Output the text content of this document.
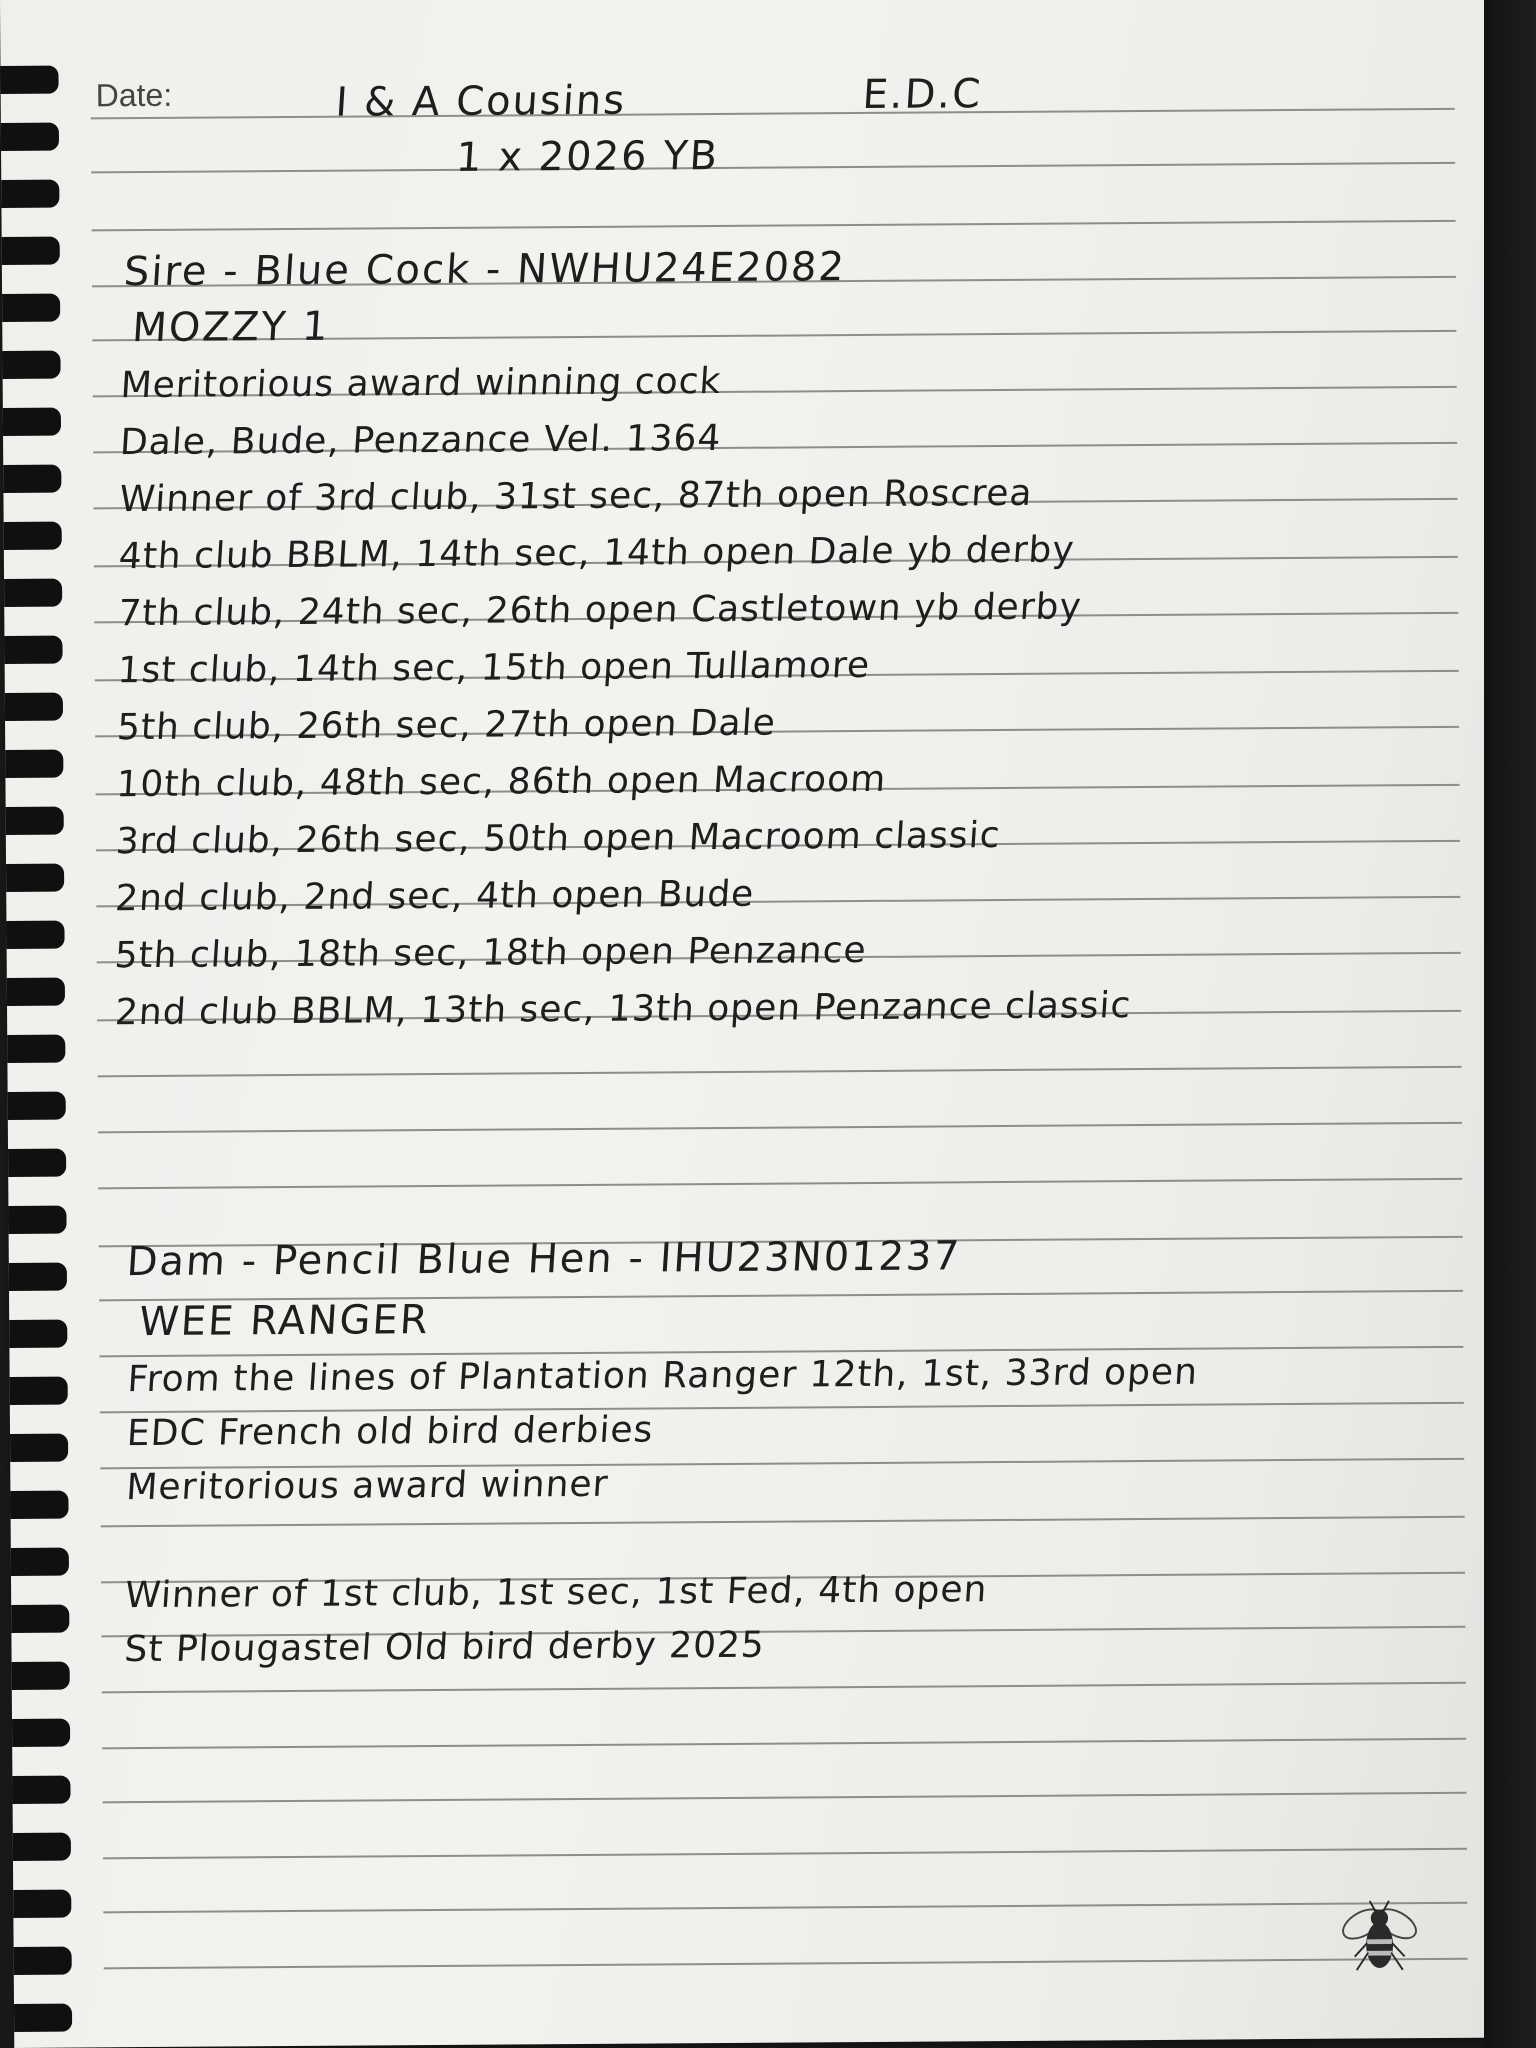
Date:	I & A Cousins	E.D.C
1 x 2026 YB
Sire - Blue Cock - NWHU24E2082
MOZZY 1
Meritorious award winning cock
Dale, Bude, Penzance Vel. 1364
Winner of 3rd club, 31st sec, 87th open Roscrea
4th club BBLM, 14th sec, 14th open Dale yb derby
7th club, 24th sec, 26th open Castletown yb derby
1st club, 14th sec, 15th open Tullamore
5th club, 26th sec, 27th open Dale
10th club, 48th sec, 86th open Macroom
3rd club, 26th sec, 50th open Macroom classic
2nd club, 2nd sec, 4th open Bude
5th club, 18th sec, 18th open Penzance
2nd club BBLM, 13th sec, 13th open Penzance classic
Dam - Pencil Blue Hen - IHU23N01237
WEE RANGER
From the lines of Plantation Ranger 12th, 1st, 33rd open
EDC French old bird derbies
Meritorious award winner
Winner of 1st club, 1st sec, 1st Fed, 4th open
St Plougastel Old bird derby 2025
